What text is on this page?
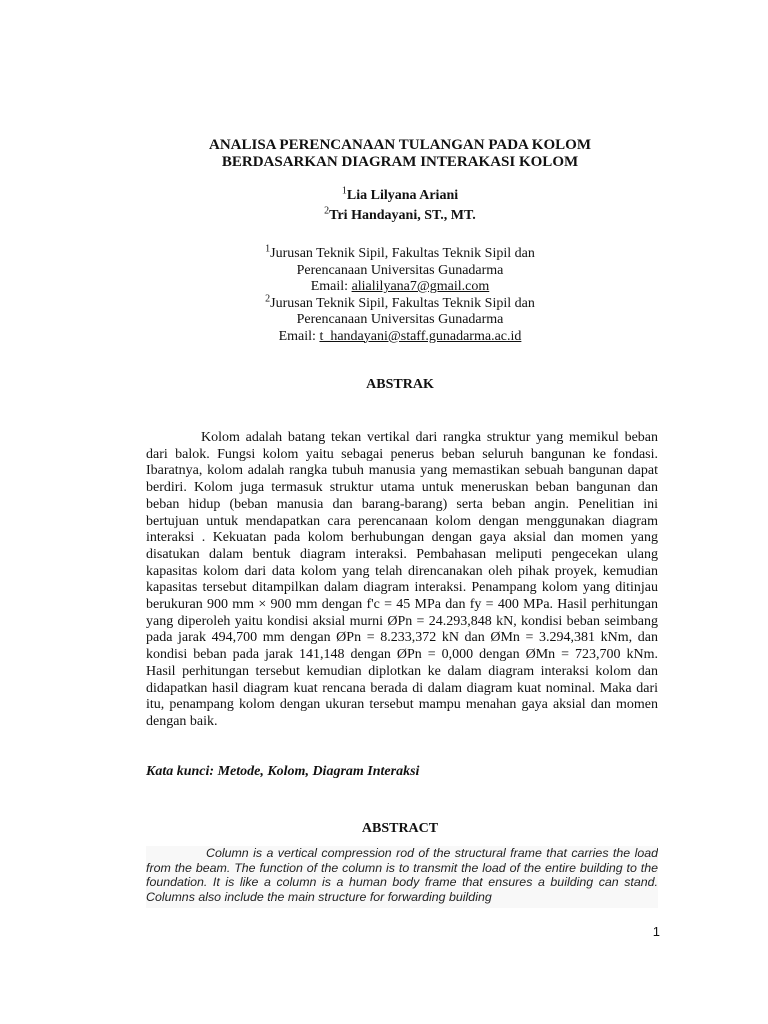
ANALISA PERENCANAAN TULANGAN PADA KOLOM
BERDASARKAN DIAGRAM INTERAKASI KOLOM
$^1$Lia Lilyana Ariani
$^2$Tri Handayani, ST., MT.
$^1$Jurusan Teknik Sipil, Fakultas Teknik Sipil dan
Perencanaan Universitas Gunadarma
Email: alialilyana7@gmail.com
$^2$Jurusan Teknik Sipil, Fakultas Teknik Sipil dan
Perencanaan Universitas Gunadarma
Email: t_handayani@staff.gunadarma.ac.id
ABSTRAK
Kolom adalah batang tekan vertikal dari rangka struktur yang memikul beban dari balok. Fungsi kolom yaitu sebagai penerus beban seluruh bangunan ke fondasi. Ibaratnya, kolom adalah rangka tubuh manusia yang memastikan sebuah bangunan dapat berdiri. Kolom juga termasuk struktur utama untuk meneruskan beban bangunan dan beban hidup (beban manusia dan barang-barang) serta beban angin. Penelitian ini bertujuan untuk mendapatkan cara perencanaan kolom dengan menggunakan diagram interaksi . Kekuatan pada kolom berhubungan dengan gaya aksial dan momen yang disatukan dalam bentuk diagram interaksi. Pembahasan meliputi pengecekan ulang kapasitas kolom dari data kolom yang telah direncanakan oleh pihak proyek, kemudian kapasitas tersebut ditampilkan dalam diagram interaksi. Penampang kolom yang ditinjau berukuran 900 mm × 900 mm dengan f'c = 45 MPa dan fy = 400 MPa. Hasil perhitungan yang diperoleh yaitu kondisi aksial murni ØPn = 24.293,848 kN, kondisi beban seimbang pada jarak 494,700 mm dengan ØPn = 8.233,372 kN dan ØMn = 3.294,381 kNm, dan kondisi beban pada jarak 141,148 dengan ØPn = 0,000 dengan ØMn = 723,700 kNm. Hasil perhitungan tersebut kemudian diplotkan ke dalam diagram interaksi kolom dan didapatkan hasil diagram kuat rencana berada di dalam diagram kuat nominal. Maka dari itu, penampang kolom dengan ukuran tersebut mampu menahan gaya aksial dan momen dengan baik.
Kata kunci: Metode, Kolom, Diagram Interaksi
ABSTRACT
Column is a vertical compression rod of the structural frame that carries the load from the beam. The function of the column is to transmit the load of the entire building to the foundation. It is like a column is a human body frame that ensures a building can stand. Columns also include the main structure for forwarding building
1
